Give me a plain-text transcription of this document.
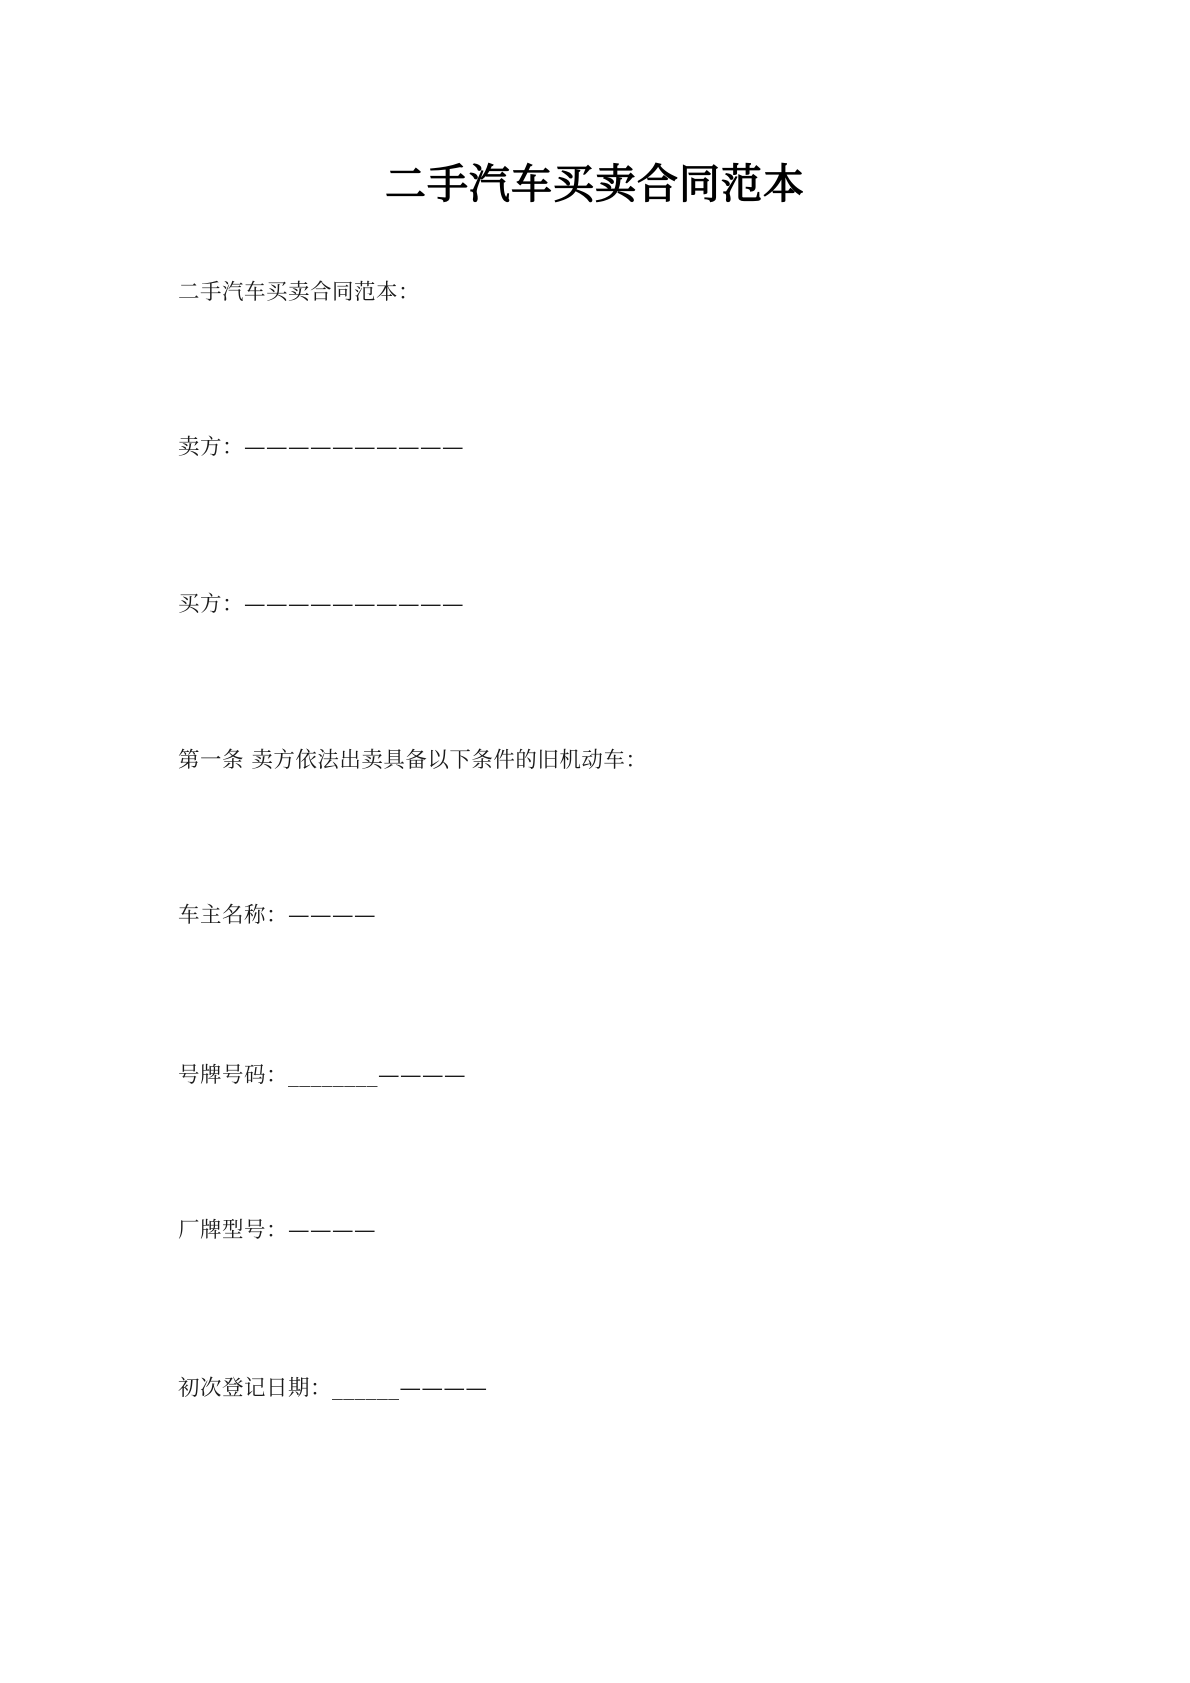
二手汽车买卖合同范本

二手汽车买卖合同范本：

卖方：——————————

买方：——————————

第一条 卖方依法出卖具备以下条件的旧机动车：

车主名称：————

号牌号码：________————

厂牌型号：————

初次登记日期：______————
